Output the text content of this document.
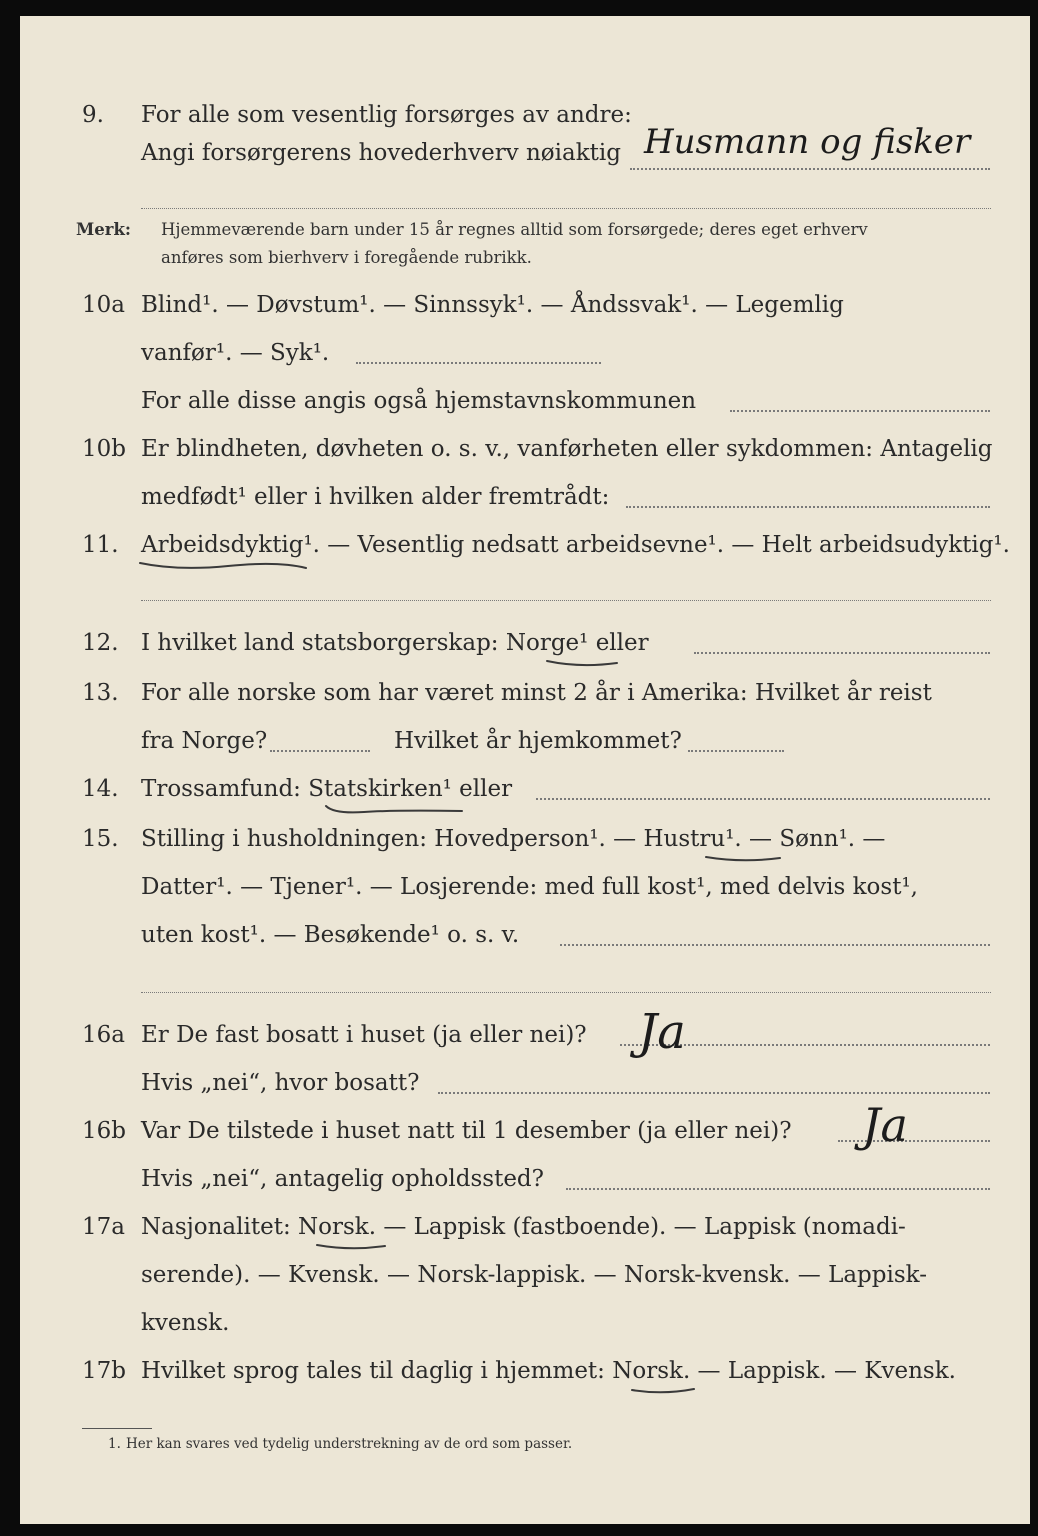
9. For alle som vesentlig forsørges av andre:
Angi forsørgerens hovederhverv nøiaktig Husmann og fisker
Merk: Hjemmeværende barn under 15 år regnes alltid som forsørgede; deres eget erhverv
anføres som bierhverv i foregående rubrikk.
10a Blind¹. — Døvstum¹. — Sinnssyk¹. — Åndssvak¹. — Legemlig
vanfør¹. — Syk¹.
For alle disse angis også hjemstavnskommunen
10b Er blindheten, døvheten o. s. v., vanførheten eller sykdommen: Antagelig
medfødt¹ eller i hvilken alder fremtrådt:
11. Arbeidsdyktig¹. — Vesentlig nedsatt arbeidsevne¹. — Helt arbeidsudyktig¹.
12. I hvilket land statsborgerskap: Norge¹ eller
13. For alle norske som har været minst 2 år i Amerika: Hvilket år reist
fra Norge?	Hvilket år hjemkommet?
14. Trossamfund: Statskirken¹ eller
15. Stilling i husholdningen: Hovedperson¹. — Hustru¹. — Sønn¹. —
Datter¹. — Tjener¹. — Losjerende: med full kost¹, med delvis kost¹,
uten kost¹. — Besøkende¹ o. s. v.
16a Er De fast bosatt i huset (ja eller nei)? Ja
Hvis „nei“, hvor bosatt?
16b Var De tilstede i huset natt til 1 desember (ja eller nei)? Ja
Hvis „nei“, antagelig opholdssted?
17a Nasjonalitet: Norsk. — Lappisk (fastboende). — Lappisk (nomadi-
serende). — Kvensk. — Norsk-lappisk. — Norsk-kvensk. — Lappisk-
kvensk.
17b Hvilket sprog tales til daglig i hjemmet: Norsk. — Lappisk. — Kvensk.
1. Her kan svares ved tydelig understrekning av de ord som passer.
